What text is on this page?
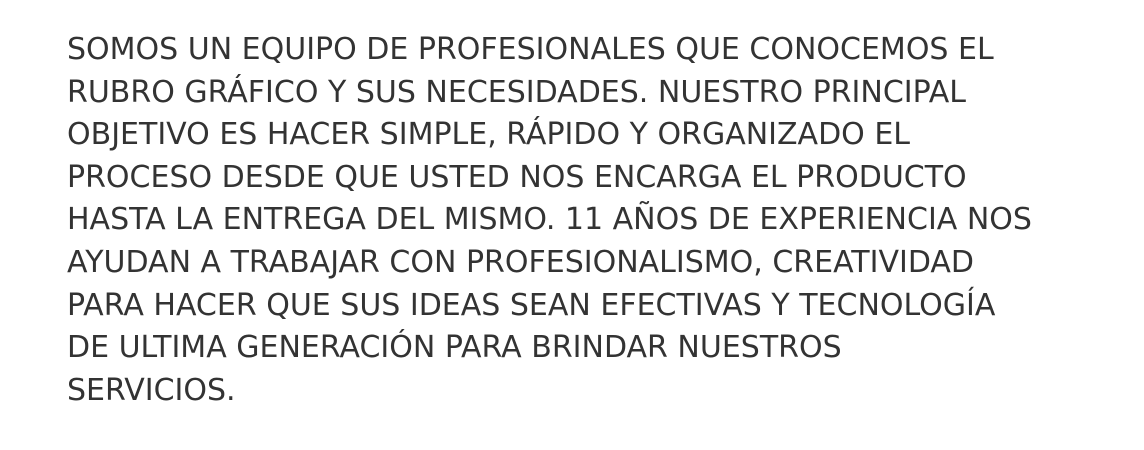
SOMOS UN EQUIPO DE PROFESIONALES QUE CONOCEMOS EL
RUBRO GRÁFICO Y SUS NECESIDADES. NUESTRO PRINCIPAL
OBJETIVO ES HACER SIMPLE, RÁPIDO Y ORGANIZADO EL
PROCESO DESDE QUE USTED NOS ENCARGA EL PRODUCTO
HASTA LA ENTREGA DEL MISMO. 11 AÑOS DE EXPERIENCIA NOS
AYUDAN A TRABAJAR CON PROFESIONALISMO, CREATIVIDAD
PARA HACER QUE SUS IDEAS SEAN EFECTIVAS Y TECNOLOGÍA
DE ULTIMA GENERACIÓN PARA BRINDAR NUESTROS
SERVICIOS.
